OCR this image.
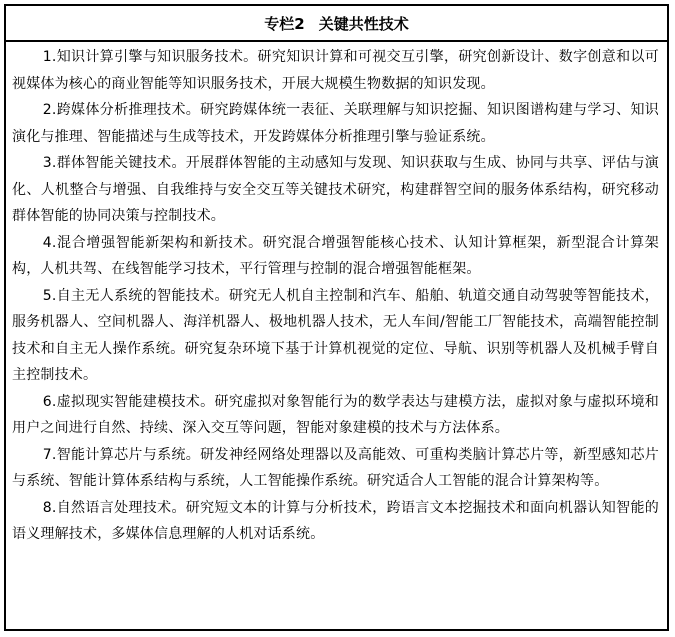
专栏2 关键共性技术

1.知识计算引擎与知识服务技术。研究知识计算和可视交互引擎，研究创新设计、数字创意和以可视媒体为核心的商业智能等知识服务技术，开展大规模生物数据的知识发现。

2.跨媒体分析推理技术。研究跨媒体统一表征、关联理解与知识挖掘、知识图谱构建与学习、知识演化与推理、智能描述与生成等技术，开发跨媒体分析推理引擎与验证系统。

3.群体智能关键技术。开展群体智能的主动感知与发现、知识获取与生成、协同与共享、评估与演化、人机整合与增强、自我维持与安全交互等关键技术研究，构建群智空间的服务体系结构，研究移动群体智能的协同决策与控制技术。

4.混合增强智能新架构和新技术。研究混合增强智能核心技术、认知计算框架，新型混合计算架构，人机共驾、在线智能学习技术，平行管理与控制的混合增强智能框架。

5.自主无人系统的智能技术。研究无人机自主控制和汽车、船舶、轨道交通自动驾驶等智能技术，服务机器人、空间机器人、海洋机器人、极地机器人技术，无人车间/智能工厂智能技术，高端智能控制技术和自主无人操作系统。研究复杂环境下基于计算机视觉的定位、导航、识别等机器人及机械手臂自主控制技术。

6.虚拟现实智能建模技术。研究虚拟对象智能行为的数学表达与建模方法，虚拟对象与虚拟环境和用户之间进行自然、持续、深入交互等问题，智能对象建模的技术与方法体系。

7.智能计算芯片与系统。研发神经网络处理器以及高能效、可重构类脑计算芯片等，新型感知芯片与系统、智能计算体系结构与系统，人工智能操作系统。研究适合人工智能的混合计算架构等。

8.自然语言处理技术。研究短文本的计算与分析技术，跨语言文本挖掘技术和面向机器认知智能的语义理解技术，多媒体信息理解的人机对话系统。
